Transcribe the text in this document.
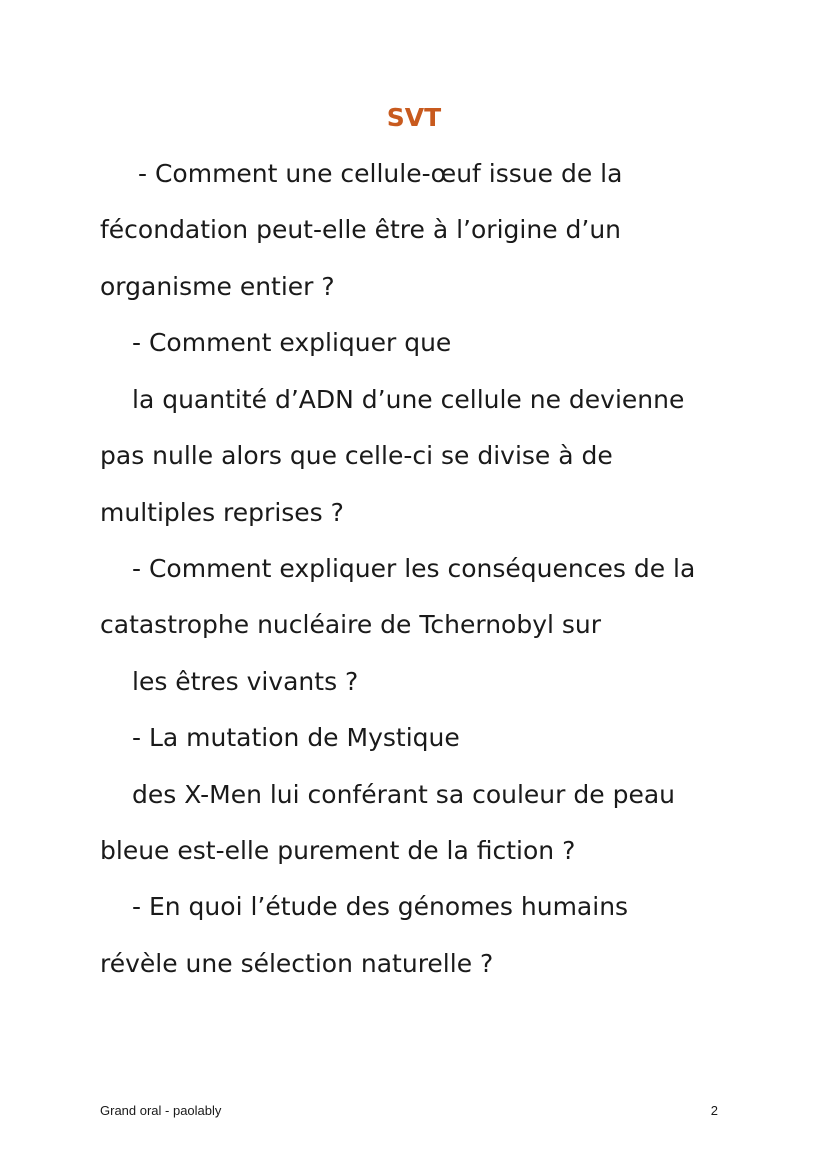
SVT
- Comment une cellule-œuf issue de la
fécondation peut-elle être à l’origine d’un
organisme entier ?
- Comment expliquer que
la quantité d’ADN d’une cellule ne devienne
pas nulle alors que celle-ci se divise à de
multiples reprises ?
- Comment expliquer les conséquences de la
catastrophe nucléaire de Tchernobyl sur
les êtres vivants ?
- La mutation de Mystique
des X-Men lui conférant sa couleur de peau
bleue est-elle purement de la fiction ?
- En quoi l’étude des génomes humains
révèle une sélection naturelle ?
Grand oral - paolably	2
